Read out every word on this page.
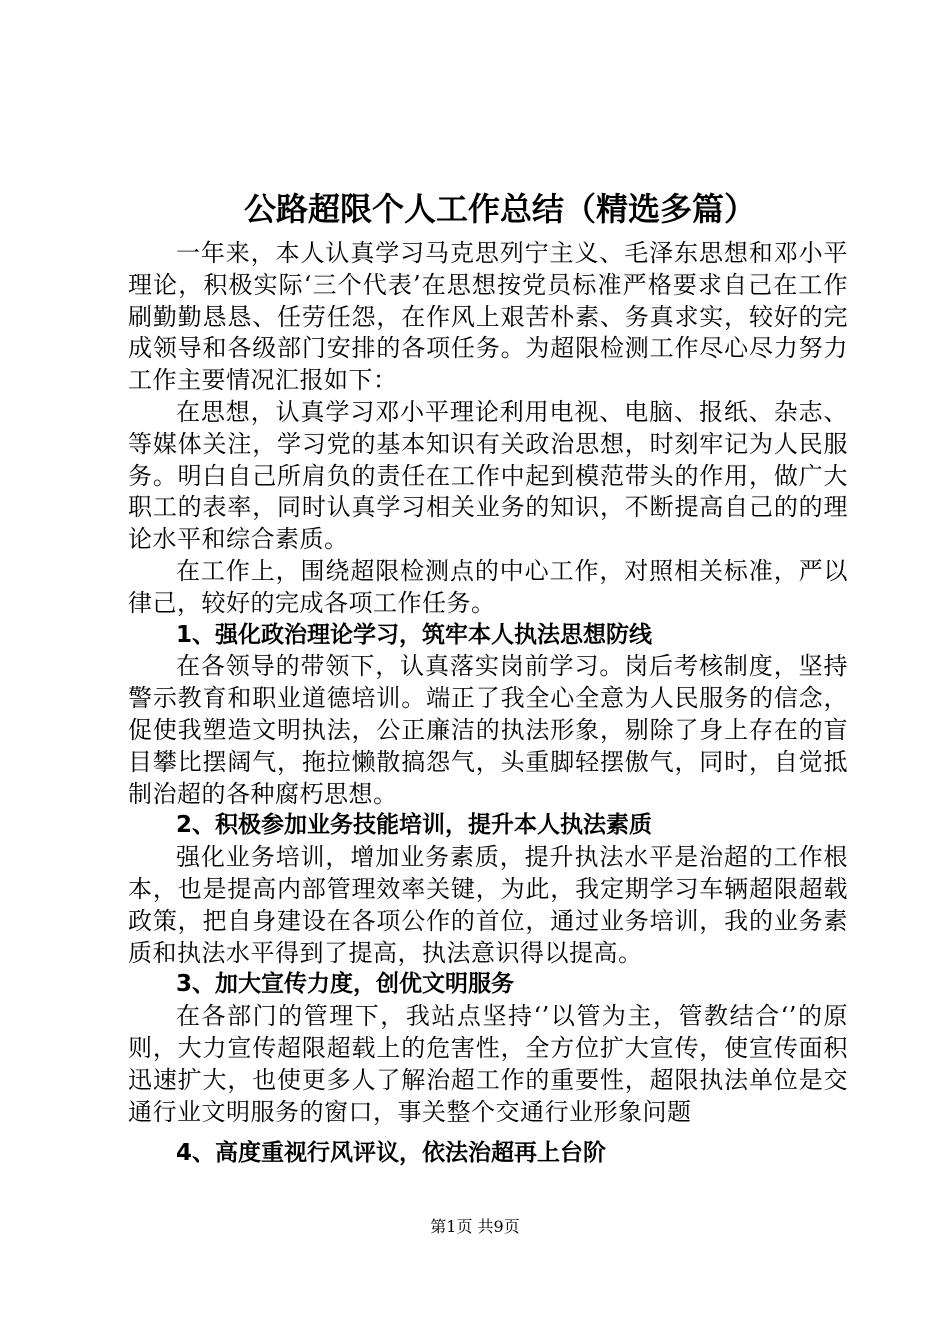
公路超限个人工作总结（精选多篇）

一年来，本人认真学习马克思列宁主义、毛泽东思想和邓小平理论，积极实际‘三个代表’在思想按党员标准严格要求自己在工作刷勤勤恳恳、任劳任怨，在作风上艰苦朴素、务真求实，较好的完成领导和各级部门安排的各项任务。为超限检测工作尽心尽力努力工作主要情况汇报如下：

在思想，认真学习邓小平理论利用电视、电脑、报纸、杂志、等媒体关注，学习党的基本知识有关政治思想，时刻牢记为人民服务。明白自己所肩负的责任在工作中起到模范带头的作用，做广大职工的表率，同时认真学习相关业务的知识，不断提高自己的的理论水平和综合素质。

在工作上，围绕超限检测点的中心工作，对照相关标准，严以律己，较好的完成各项工作任务。

1、强化政治理论学习，筑牢本人执法思想防线

在各领导的带领下，认真落实岗前学习。岗后考核制度，坚持警示教育和职业道德培训。端正了我全心全意为人民服务的信念，促使我塑造文明执法，公正廉洁的执法形象，剔除了身上存在的盲目攀比摆阔气，拖拉懒散搞怨气，头重脚轻摆傲气，同时，自觉抵制治超的各种腐朽思想。

2、积极参加业务技能培训，提升本人执法素质

强化业务培训，增加业务素质，提升执法水平是治超的工作根本，也是提高内部管理效率关键，为此，我定期学习车辆超限超载政策，把自身建设在各项公作的首位，通过业务培训，我的业务素质和执法水平得到了提高，执法意识得以提高。

3、加大宣传力度，创优文明服务

在各部门的管理下，我站点坚持‘’以管为主，管教结合‘’的原则，大力宣传超限超载上的危害性，全方位扩大宣传，使宣传面积迅速扩大，也使更多人了解治超工作的重要性，超限执法单位是交通行业文明服务的窗口，事关整个交通行业形象问题

4、高度重视行风评议，依法治超再上台阶

第1页 共9页
